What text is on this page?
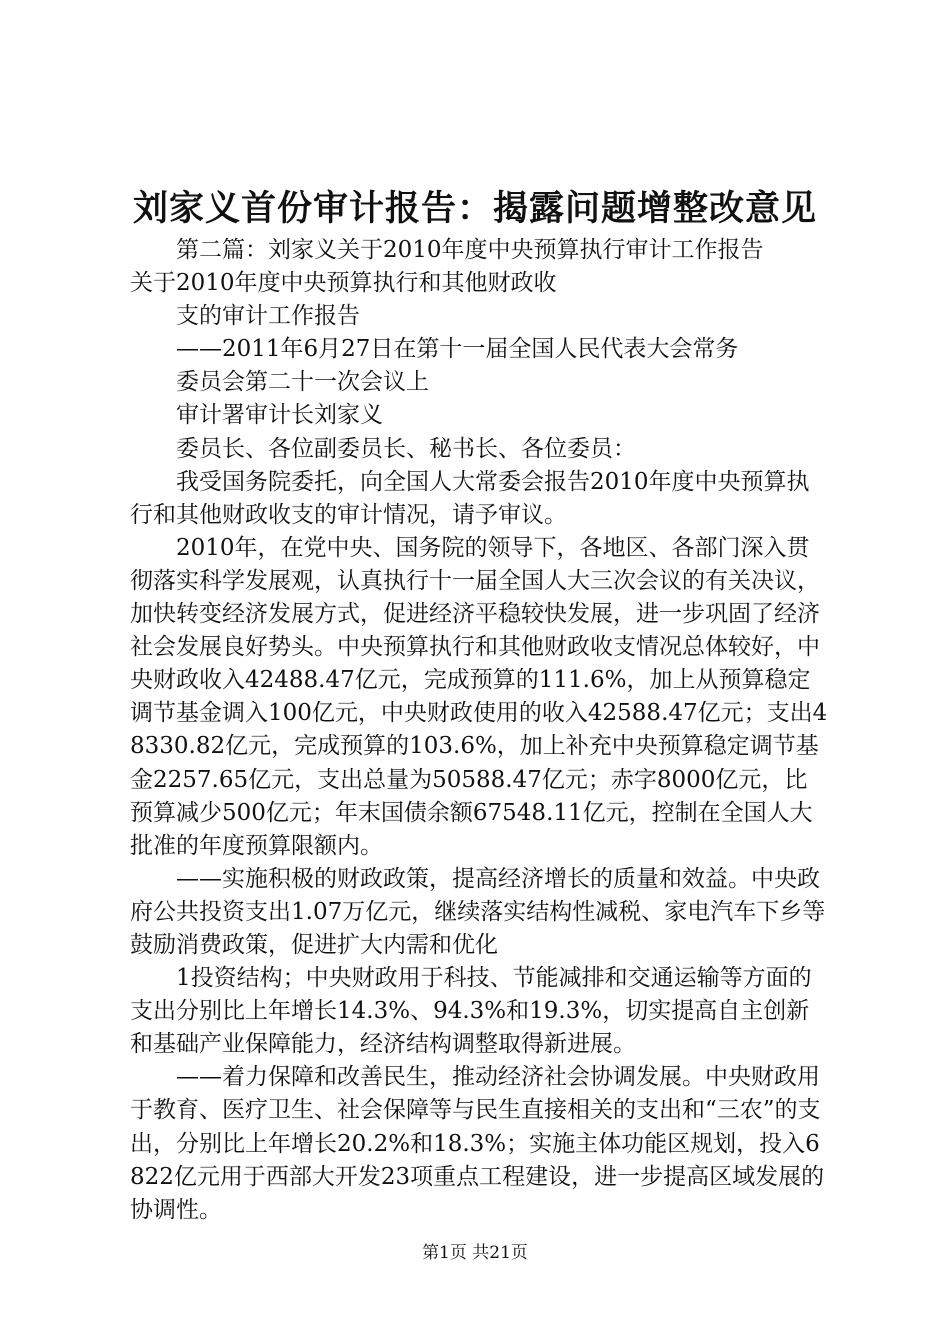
刘家义首份审计报告：揭露问题增整改意见

第二篇：刘家义关于2010年度中央预算执行审计工作报告

关于2010年度中央预算执行和其他财政收

支的审计工作报告

——2011年6月27日在第十一届全国人民代表大会常务

委员会第二十一次会议上

审计署审计长刘家义

委员长、各位副委员长、秘书长、各位委员：

我受国务院委托，向全国人大常委会报告2010年度中央预算执行和其他财政收支的审计情况，请予审议。

2010年，在党中央、国务院的领导下，各地区、各部门深入贯彻落实科学发展观，认真执行十一届全国人大三次会议的有关决议，加快转变经济发展方式，促进经济平稳较快发展，进一步巩固了经济社会发展良好势头。中央预算执行和其他财政收支情况总体较好，中央财政收入42488.47亿元，完成预算的111.6%，加上从预算稳定调节基金调入100亿元，中央财政使用的收入42588.47亿元；支出48330.82亿元，完成预算的103.6%，加上补充中央预算稳定调节基金2257.65亿元，支出总量为50588.47亿元；赤字8000亿元，比预算减少500亿元；年末国债余额67548.11亿元，控制在全国人大批准的年度预算限额内。

——实施积极的财政政策，提高经济增长的质量和效益。中央政府公共投资支出1.07万亿元，继续落实结构性减税、家电汽车下乡等鼓励消费政策，促进扩大内需和优化

1投资结构；中央财政用于科技、节能减排和交通运输等方面的支出分别比上年增长14.3%、94.3%和19.3%，切实提高自主创新和基础产业保障能力，经济结构调整取得新进展。

——着力保障和改善民生，推动经济社会协调发展。中央财政用于教育、医疗卫生、社会保障等与民生直接相关的支出和“三农”的支出，分别比上年增长20.2%和18.3%；实施主体功能区规划，投入6822亿元用于西部大开发23项重点工程建设，进一步提高区域发展的协调性。

第1页 共21页
